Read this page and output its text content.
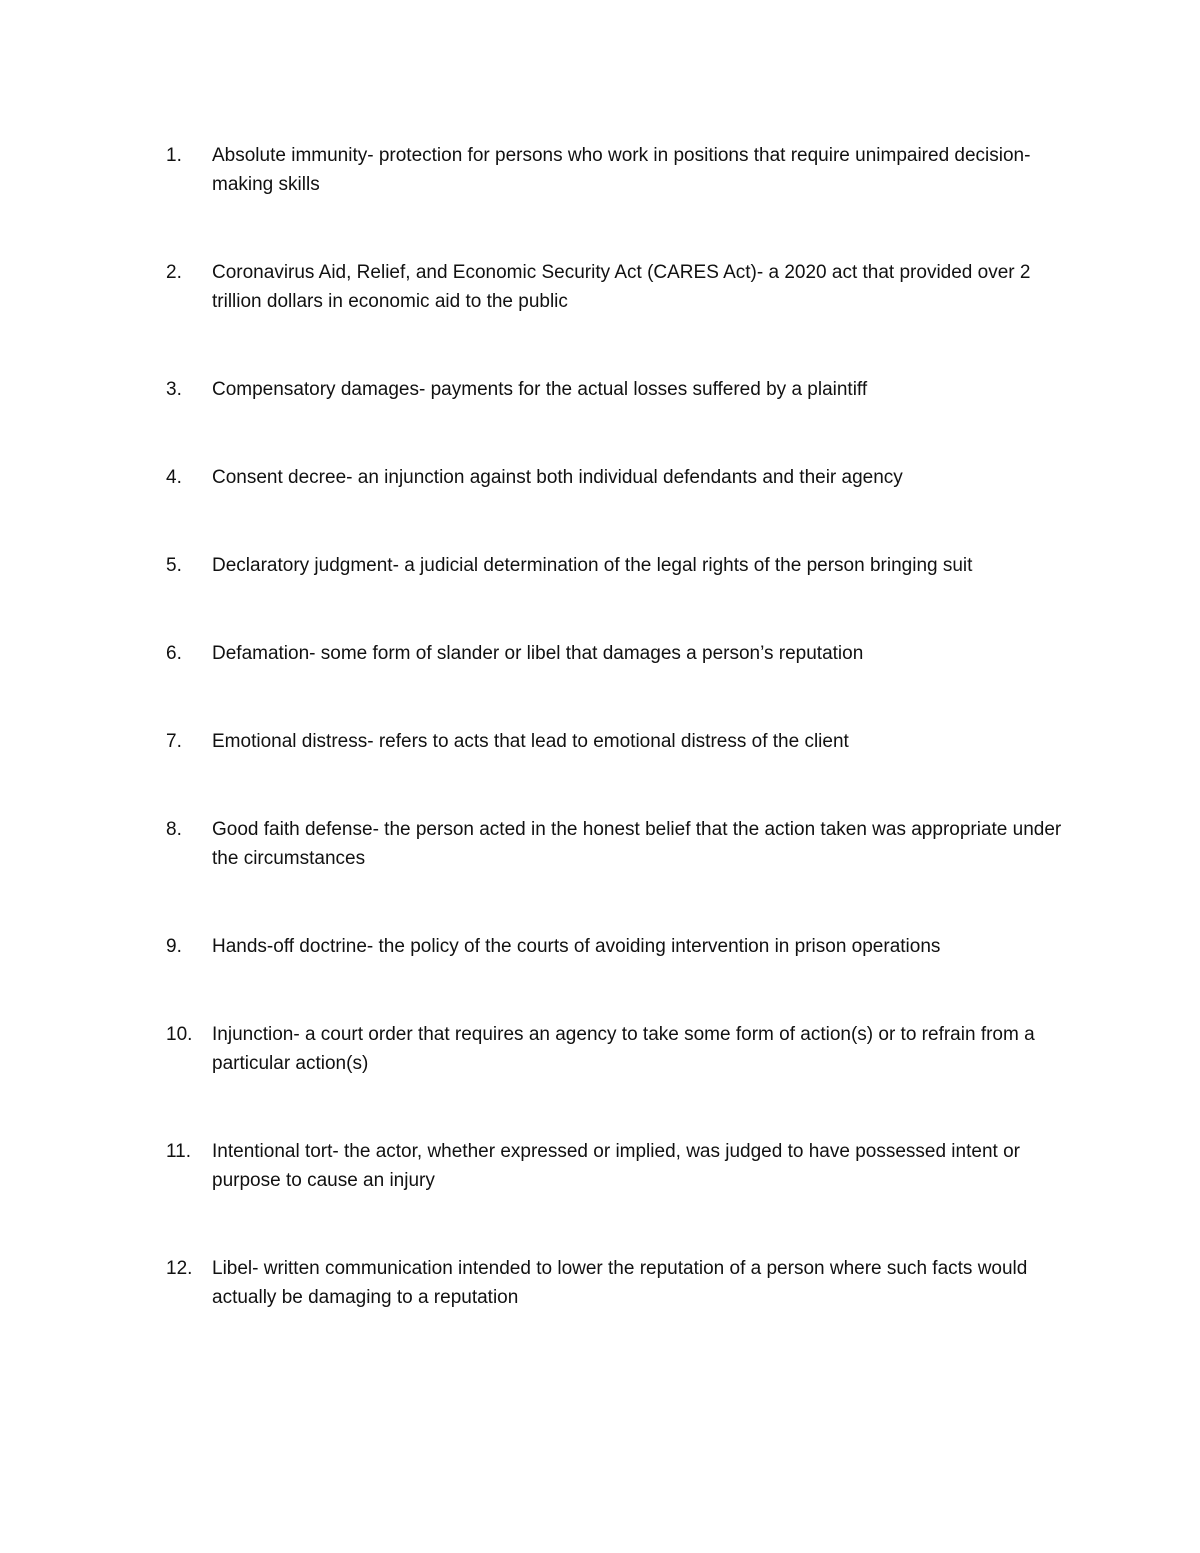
1.	Absolute immunity- protection for persons who work in positions that require unimpaired decision-making skills
2.	Coronavirus Aid, Relief, and Economic Security Act (CARES Act)- a 2020 act that provided over 2 trillion dollars in economic aid to the public
3.	Compensatory damages- payments for the actual losses suffered by a plaintiff
4.	Consent decree- an injunction against both individual defendants and their agency
5.	Declaratory judgment- a judicial determination of the legal rights of the person bringing suit
6.	Defamation- some form of slander or libel that damages a person’s reputation
7.	Emotional distress- refers to acts that lead to emotional distress of the client
8.	Good faith defense- the person acted in the honest belief that the action taken was appropriate under the circumstances
9.	Hands-off doctrine- the policy of the courts of avoiding intervention in prison operations
10.	Injunction- a court order that requires an agency to take some form of action(s) or to refrain from a particular action(s)
11.	Intentional tort- the actor, whether expressed or implied, was judged to have possessed intent or purpose to cause an injury
12.	Libel- written communication intended to lower the reputation of a person where such facts would actually be damaging to a reputation
